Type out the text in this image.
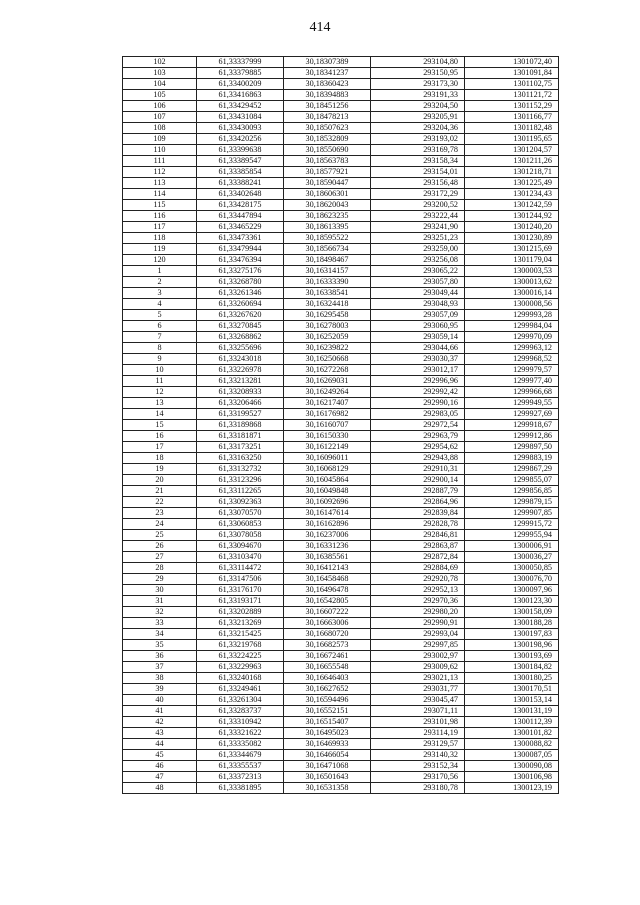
414
102	61,33337999	30,18307389	293104,80	1301072,40
103	61,33379885	30,18341237	293150,95	1301091,84
104	61,33400209	30,18360423	293173,30	1301102,75
105	61,33416863	30,18394883	293191,33	1301121,72
106	61,33429452	30,18451256	293204,50	1301152,29
107	61,33431084	30,18478213	293205,91	1301166,77
108	61,33430093	30,18507623	293204,36	1301182,48
109	61,33420256	30,18532809	293193,02	1301195,65
110	61,33399638	30,18550690	293169,78	1301204,57
111	61,33389547	30,18563783	293158,34	1301211,26
112	61,33385854	30,18577921	293154,01	1301218,71
113	61,33388241	30,18590447	293156,48	1301225,49
114	61,33402648	30,18606301	293172,29	1301234,43
115	61,33428175	30,18620043	293200,52	1301242,59
116	61,33447894	30,18623235	293222,44	1301244,92
117	61,33465229	30,18613395	293241,90	1301240,20
118	61,33473361	30,18595522	293251,23	1301230,89
119	61,33479944	30,18566734	293259,00	1301215,69
120	61,33476394	30,18498467	293256,08	1301179,04
1	61,33275176	30,16314157	293065,22	1300003,53
2	61,33268780	30,16333390	293057,80	1300013,62
3	61,33261346	30,16338541	293049,44	1300016,14
4	61,33260694	30,16324418	293048,93	1300008,56
5	61,33267620	30,16295458	293057,09	1299993,28
6	61,33270845	30,16278003	293060,95	1299984,04
7	61,33268862	30,16252059	293059,14	1299970,09
8	61,33255696	30,16239822	293044,66	1299963,12
9	61,33243018	30,16250668	293030,37	1299968,52
10	61,33226978	30,16272268	293012,17	1299979,57
11	61,33213281	30,16269031	292996,96	1299977,40
12	61,33208933	30,16249264	292992,42	1299966,68
13	61,33206466	30,16217407	292990,16	1299949,55
14	61,33199527	30,16176982	292983,05	1299927,69
15	61,33189868	30,16160707	292972,54	1299918,67
16	61,33181871	30,16150330	292963,79	1299912,86
17	61,33173251	30,16122149	292954,62	1299897,50
18	61,33163250	30,16096011	292943,88	1299883,19
19	61,33132732	30,16068129	292910,31	1299867,29
20	61,33123296	30,16045864	292900,14	1299855,07
21	61,33112265	30,16049848	292887,79	1299856,85
22	61,33092363	30,16092696	292864,96	1299879,15
23	61,33070570	30,16147614	292839,84	1299907,85
24	61,33060853	30,16162896	292828,78	1299915,72
25	61,33078058	30,16237006	292846,81	1299955,94
26	61,33094670	30,16331236	292863,87	1300006,91
27	61,33103470	30,16385561	292872,84	1300036,27
28	61,33114472	30,16412143	292884,69	1300050,85
29	61,33147506	30,16458468	292920,78	1300076,70
30	61,33176170	30,16496478	292952,13	1300097,96
31	61,33193171	30,16542805	292970,36	1300123,30
32	61,33202889	30,16607222	292980,20	1300158,09
33	61,33213269	30,16663006	292990,91	1300188,28
34	61,33215425	30,16680720	292993,04	1300197,83
35	61,33219768	30,16682573	292997,85	1300198,96
36	61,33224225	30,16672461	293002,97	1300193,69
37	61,33229963	30,16655548	293009,62	1300184,82
38	61,33240168	30,16646403	293021,13	1300180,25
39	61,33249461	30,16627652	293031,77	1300170,51
40	61,33261304	30,16594496	293045,47	1300153,14
41	61,33283737	30,16552151	293071,11	1300131,19
42	61,33310942	30,16515407	293101,98	1300112,39
43	61,33321622	30,16495023	293114,19	1300101,82
44	61,33335082	30,16469933	293129,57	1300088,82
45	61,33344679	30,16466054	293140,32	1300087,05
46	61,33355537	30,16471068	293152,34	1300090,08
47	61,33372313	30,16501643	293170,56	1300106,98
48	61,33381895	30,16531358	293180,78	1300123,19
